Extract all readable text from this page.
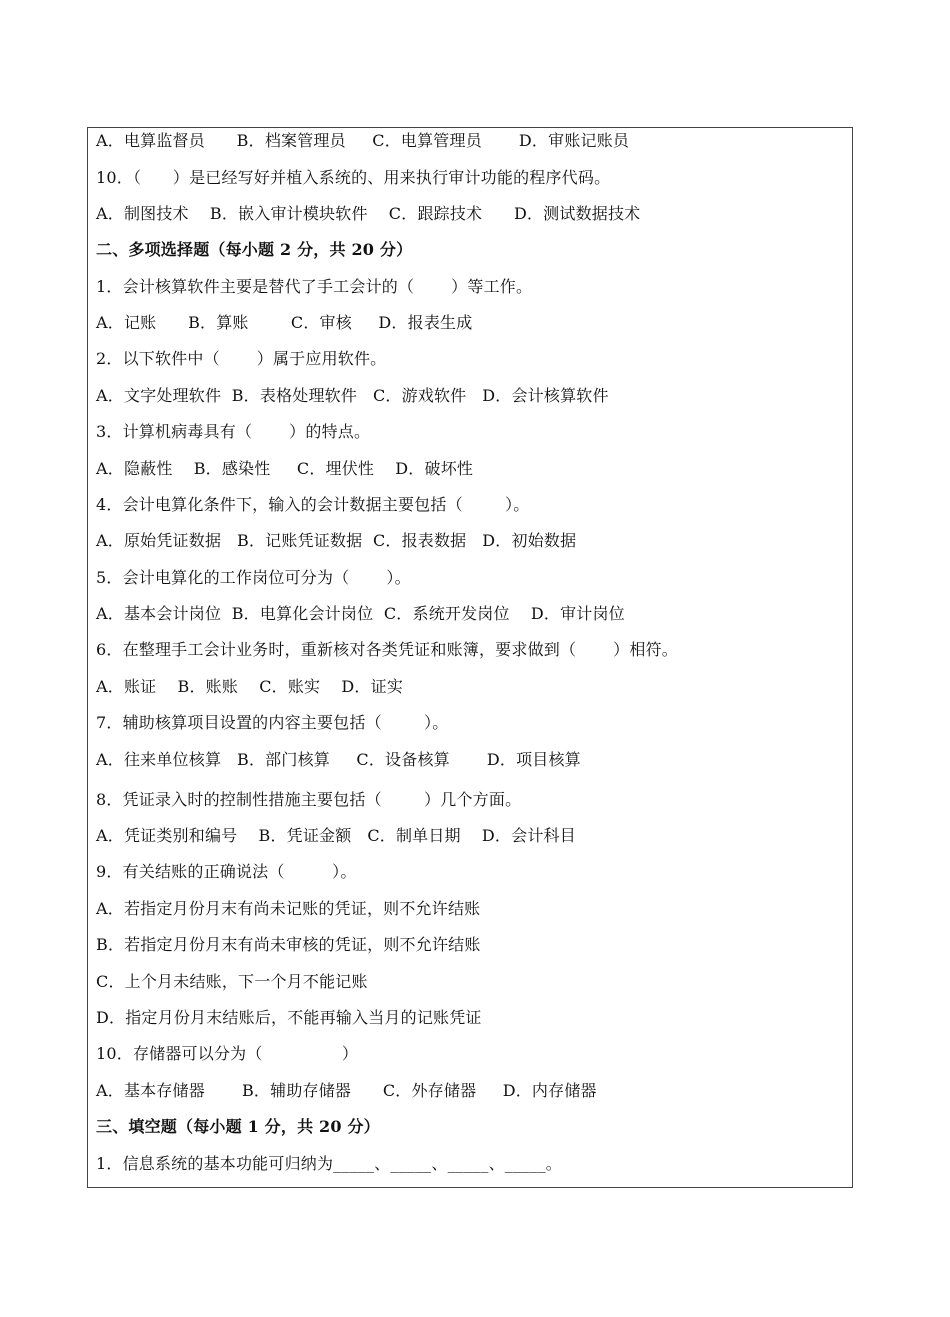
A．电算监督员      B．档案管理员     C．电算管理员       D．审账记账员
10．（      ）是已经写好并植入系统的、用来执行审计功能的程序代码。
A．制图技术    B．嵌入审计模块软件    C．跟踪技术      D．测试数据技术
二、多项选择题（每小题 2 分，共 20 分）
1．会计核算软件主要是替代了手工会计的（       ）等工作。
A．记账      B．算账        C．审核     D．报表生成
2．以下软件中（       ）属于应用软件。
A．文字处理软件  B．表格处理软件   C．游戏软件   D．会计核算软件
3．计算机病毒具有（       ）的特点。
A．隐蔽性    B．感染性     C．埋伏性    D．破坏性
4．会计电算化条件下，输入的会计数据主要包括（        ）。
A．原始凭证数据   B．记账凭证数据  C．报表数据   D．初始数据
5．会计电算化的工作岗位可分为（       ）。
A．基本会计岗位  B．电算化会计岗位  C．系统开发岗位    D．审计岗位
6．在整理手工会计业务时，重新核对各类凭证和账簿，要求做到（       ）相符。
A．账证    B．账账    C．账实    D．证实
7．辅助核算项目设置的内容主要包括（        ）。
A．往来单位核算   B．部门核算     C．设备核算       D．项目核算
8．凭证录入时的控制性措施主要包括（        ）几个方面。
A．凭证类别和编号    B．凭证金额   C．制单日期    D．会计科目
9．有关结账的正确说法（         ）。
A．若指定月份月末有尚未记账的凭证，则不允许结账
B．若指定月份月末有尚未审核的凭证，则不允许结账
C．上个月未结账，下一个月不能记账
D．指定月份月末结账后，不能再输入当月的记账凭证
10．存储器可以分为（               ）
A．基本存储器       B．辅助存储器      C．外存储器     D．内存储器
三、填空题（每小题 1 分，共 20 分）
1．信息系统的基本功能可归纳为_____、_____、_____、_____。
